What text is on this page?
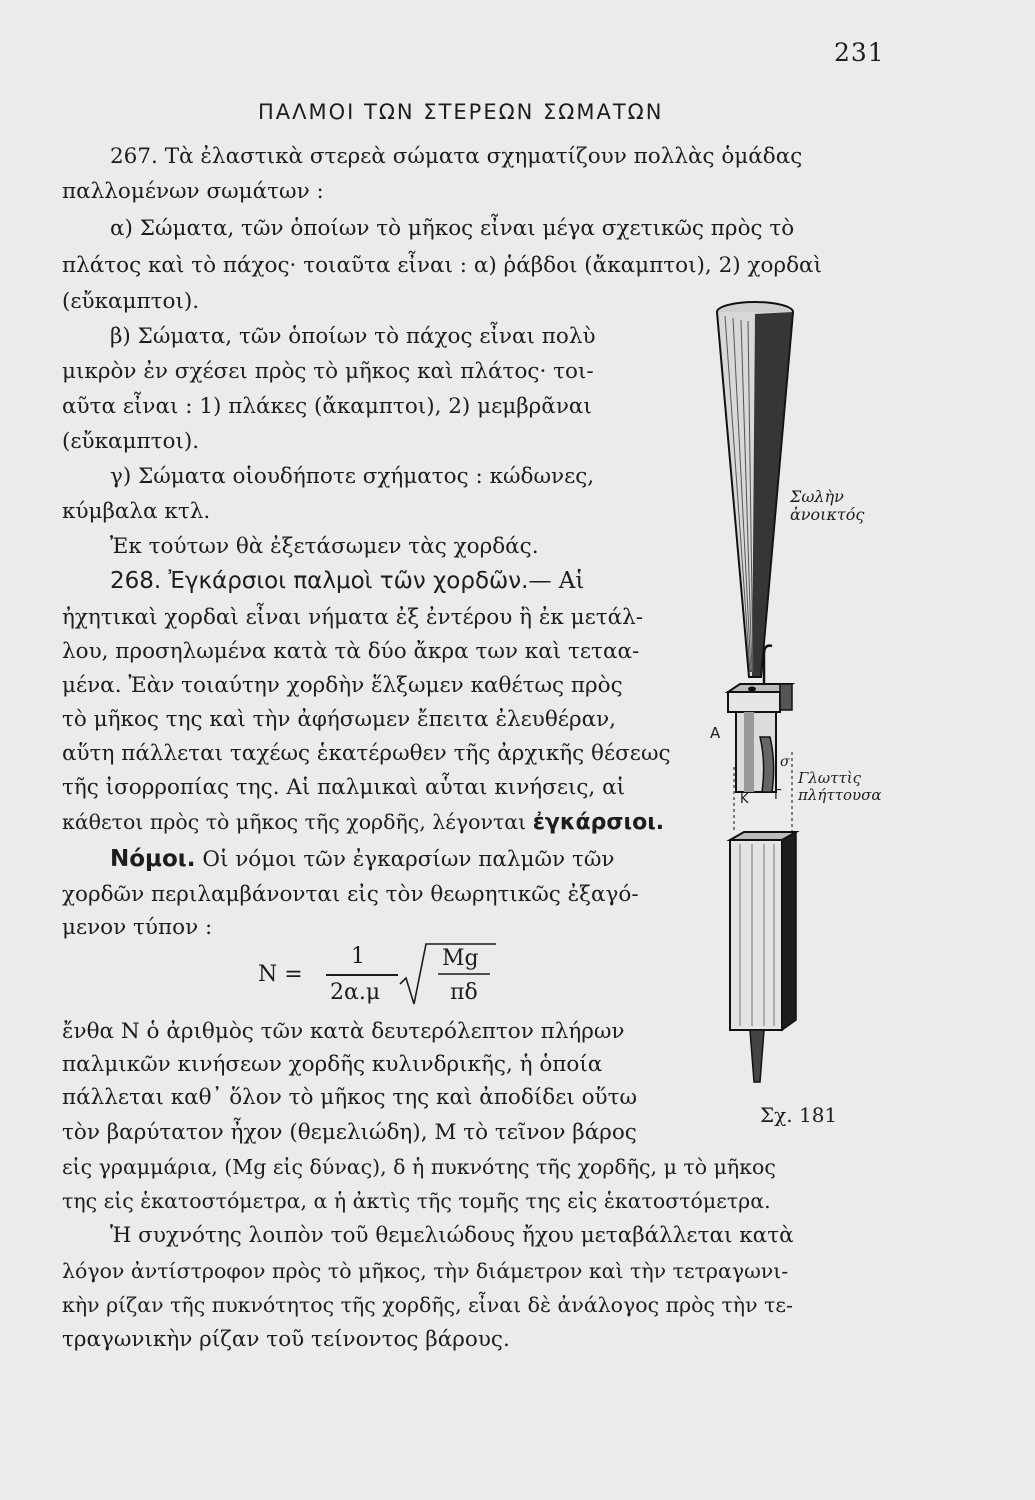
231
ΠΑΛΜΟΙ ΤΩΝ ΣΤΕΡΕΩΝ ΣΩΜΑΤΩΝ
267. Τὰ ἐλαστικὰ στερεὰ σώματα σχηματίζουν πολλὰς ὁμάδας
παλλομένων σωμάτων :
α) Σώματα, τῶν ὁποίων τὸ μῆκος εἶναι μέγα σχετικῶς πρὸς τὸ
πλάτος καὶ τὸ πάχος· τοιαῦτα εἶναι : α) ῥάβδοι (ἄκαμπτοι), 2) χορδαὶ
(εὔκαμπτοι).
β) Σώματα, τῶν ὁποίων τὸ πάχος εἶναι πολὺ
μικρὸν ἐν σχέσει πρὸς τὸ μῆκος καὶ πλάτος· τοι-
αῦτα εἶναι : 1) πλάκες (ἄκαμπτοι), 2) μεμβρᾶναι
(εὔκαμπτοι).
γ) Σώματα οἱουδήποτε σχήματος : κώδωνες,
κύμβαλα κτλ.
Ἐκ τούτων θὰ ἐξετάσωμεν τὰς χορδάς.
268. Ἐγκάρσιοι παλμοὶ τῶν χορδῶν.— Αἱ
ἠχητικαὶ χορδαὶ εἶναι νήματα ἐξ ἐντέρου ἢ ἐκ μετάλ-
λου, προσηλωμένα κατὰ τὰ δύο ἄκρα των καὶ τεταα-
μένα. Ἐὰν τοιαύτην χορδὴν ἕλξωμεν καθέτως πρὸς
τὸ μῆκος της καὶ τὴν ἀφήσωμεν ἔπειτα ἐλευθέραν,
αὕτη πάλλεται ταχέως ἑκατέρωθεν τῆς ἀρχικῆς θέσεως
τῆς ἰσορροπίας της. Αἱ παλμικαὶ αὗται κινήσεις, αἱ
κάθετοι πρὸς τὸ μῆκος τῆς χορδῆς, λέγονται ἐγκάρσιοι.
Νόμοι. Οἱ νόμοι τῶν ἐγκαρσίων παλμῶν τῶν
χορδῶν περιλαμβάνονται εἰς τὸν θεωρητικῶς ἐξαγό-
μενον τύπον :
N =
1
2α.μ
Mg
πδ
ἔνθα N ὁ ἀριθμὸς τῶν κατὰ δευτερόλεπτον πλήρων
παλμικῶν κινήσεων χορδῆς κυλινδρικῆς, ἡ ὁποία
πάλλεται καθ᾽ ὅλον τὸ μῆκος της καὶ ἀποδίδει οὕτω
τὸν βαρύτατον ἦχον (θεμελιώδη), M τὸ τεῖνον βάρος
εἰς γραμμάρια, (Mg εἰς δύνας), δ ἡ πυκνότης τῆς χορδῆς, μ τὸ μῆκος
της εἰς ἑκατοστόμετρα, α ἡ ἀκτὶς τῆς τομῆς της εἰς ἑκατοστόμετρα.
Ἡ συχνότης λοιπὸν τοῦ θεμελιώδους ἤχου μεταβάλλεται κατὰ
λόγον ἀντίστροφον πρὸς τὸ μῆκος, τὴν διάμετρον καὶ τὴν τετραγωνι-
κὴν ρίζαν τῆς πυκνότητος τῆς χορδῆς, εἶναι δὲ ἀνάλογος πρὸς τὴν τε-
τραγωνικὴν ρίζαν τοῦ τείνοντος βάρους.
Σωλὴν
ἀνοικτός
Α
σ
Κ Γ
Γλωττὶς
πλήττουσα
Σχ. 181
